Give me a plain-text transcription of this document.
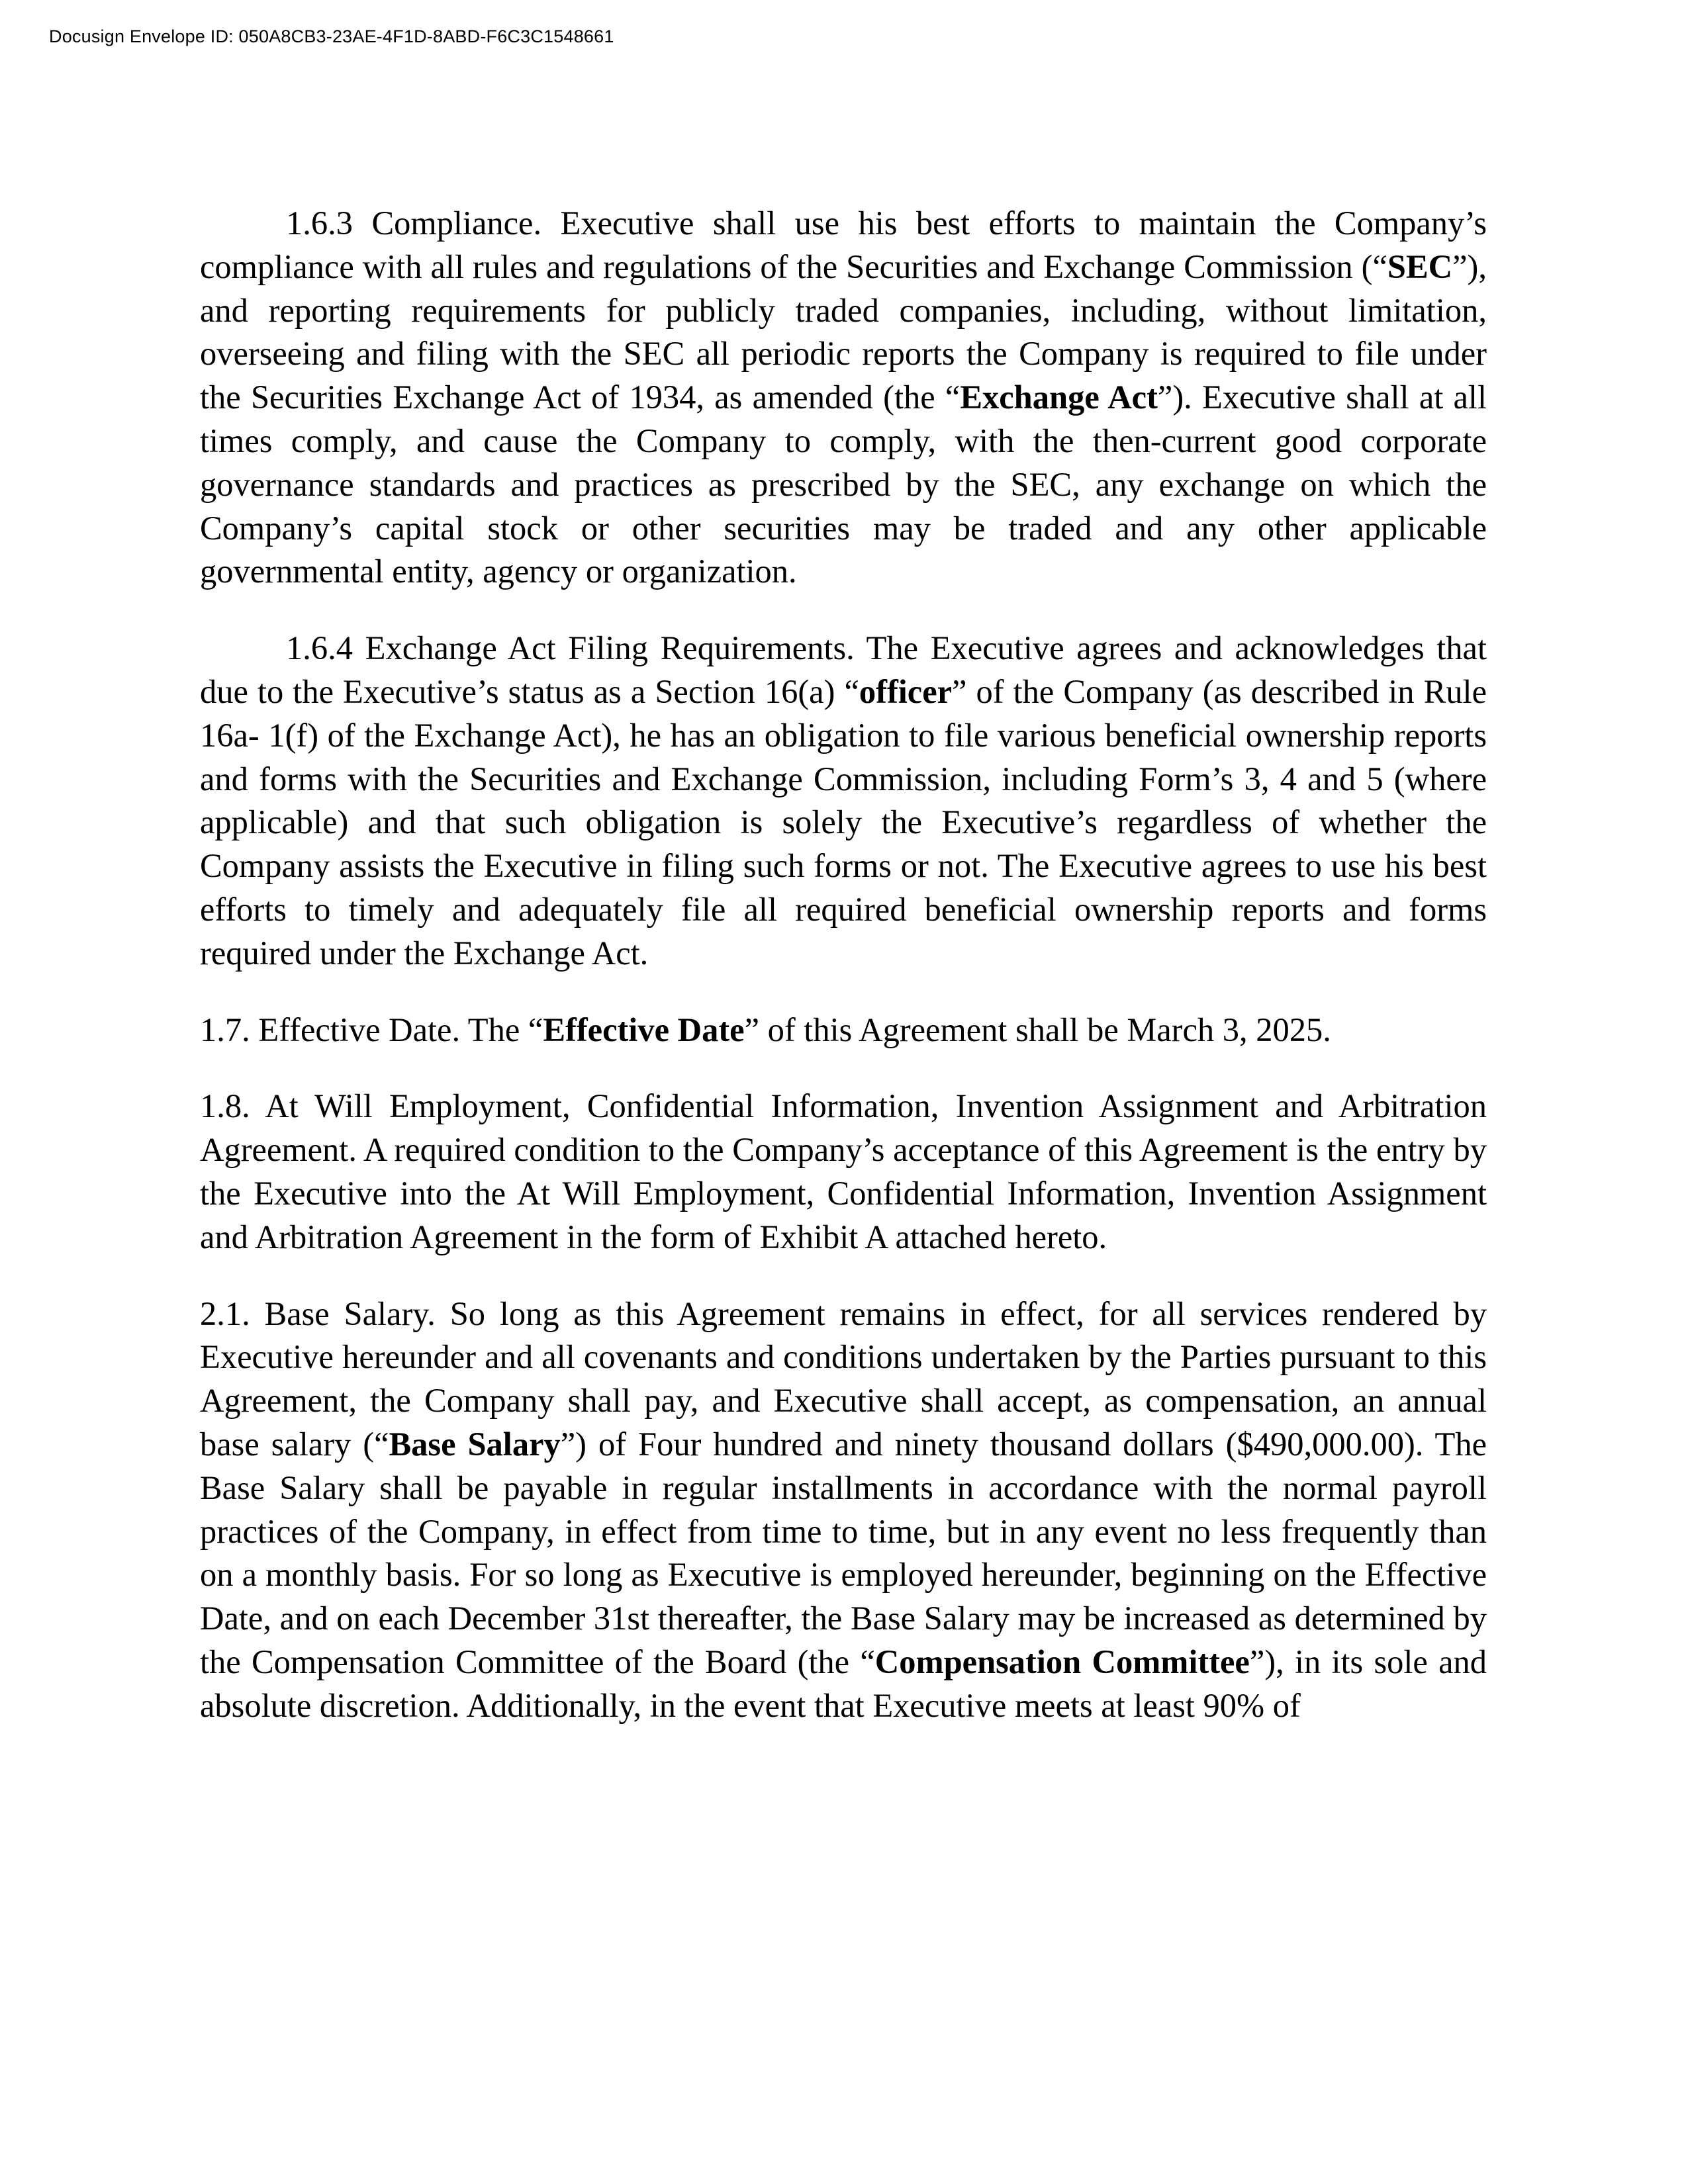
Docusign Envelope ID: 050A8CB3-23AE-4F1D-8ABD-F6C3C1548661

1.6.3 Compliance. Executive shall use his best efforts to maintain the Company’s compliance with all rules and regulations of the Securities and Exchange Commission (“SEC”), and reporting requirements for publicly traded companies, including, without limitation, overseeing and filing with the SEC all periodic reports the Company is required to file under the Securities Exchange Act of 1934, as amended (the “Exchange Act”). Executive shall at all times comply, and cause the Company to comply, with the then-current good corporate governance standards and practices as prescribed by the SEC, any exchange on which the Company’s capital stock or other securities may be traded and any other applicable governmental entity, agency or organization.

1.6.4 Exchange Act Filing Requirements. The Executive agrees and acknowledges that due to the Executive’s status as a Section 16(a) “officer” of the Company (as described in Rule 16a- 1(f) of the Exchange Act), he has an obligation to file various beneficial ownership reports and forms with the Securities and Exchange Commission, including Form’s 3, 4 and 5 (where applicable) and that such obligation is solely the Executive’s regardless of whether the Company assists the Executive in filing such forms or not. The Executive agrees to use his best efforts to timely and adequately file all required beneficial ownership reports and forms required under the Exchange Act.

1.7. Effective Date. The “Effective Date” of this Agreement shall be March 3, 2025.

1.8. At Will Employment, Confidential Information, Invention Assignment and Arbitration Agreement. A required condition to the Company’s acceptance of this Agreement is the entry by the Executive into the At Will Employment, Confidential Information, Invention Assignment and Arbitration Agreement in the form of Exhibit A attached hereto.

2.1. Base Salary. So long as this Agreement remains in effect, for all services rendered by Executive hereunder and all covenants and conditions undertaken by the Parties pursuant to this Agreement, the Company shall pay, and Executive shall accept, as compensation, an annual base salary (“Base Salary”) of Four hundred and ninety thousand dollars ($490,000.00). The Base Salary shall be payable in regular installments in accordance with the normal payroll practices of the Company, in effect from time to time, but in any event no less frequently than on a monthly basis. For so long as Executive is employed hereunder, beginning on the Effective Date, and on each December 31st thereafter, the Base Salary may be increased as determined by the Compensation Committee of the Board (the “Compensation Committee”), in its sole and absolute discretion. Additionally, in the event that Executive meets at least 90% of
